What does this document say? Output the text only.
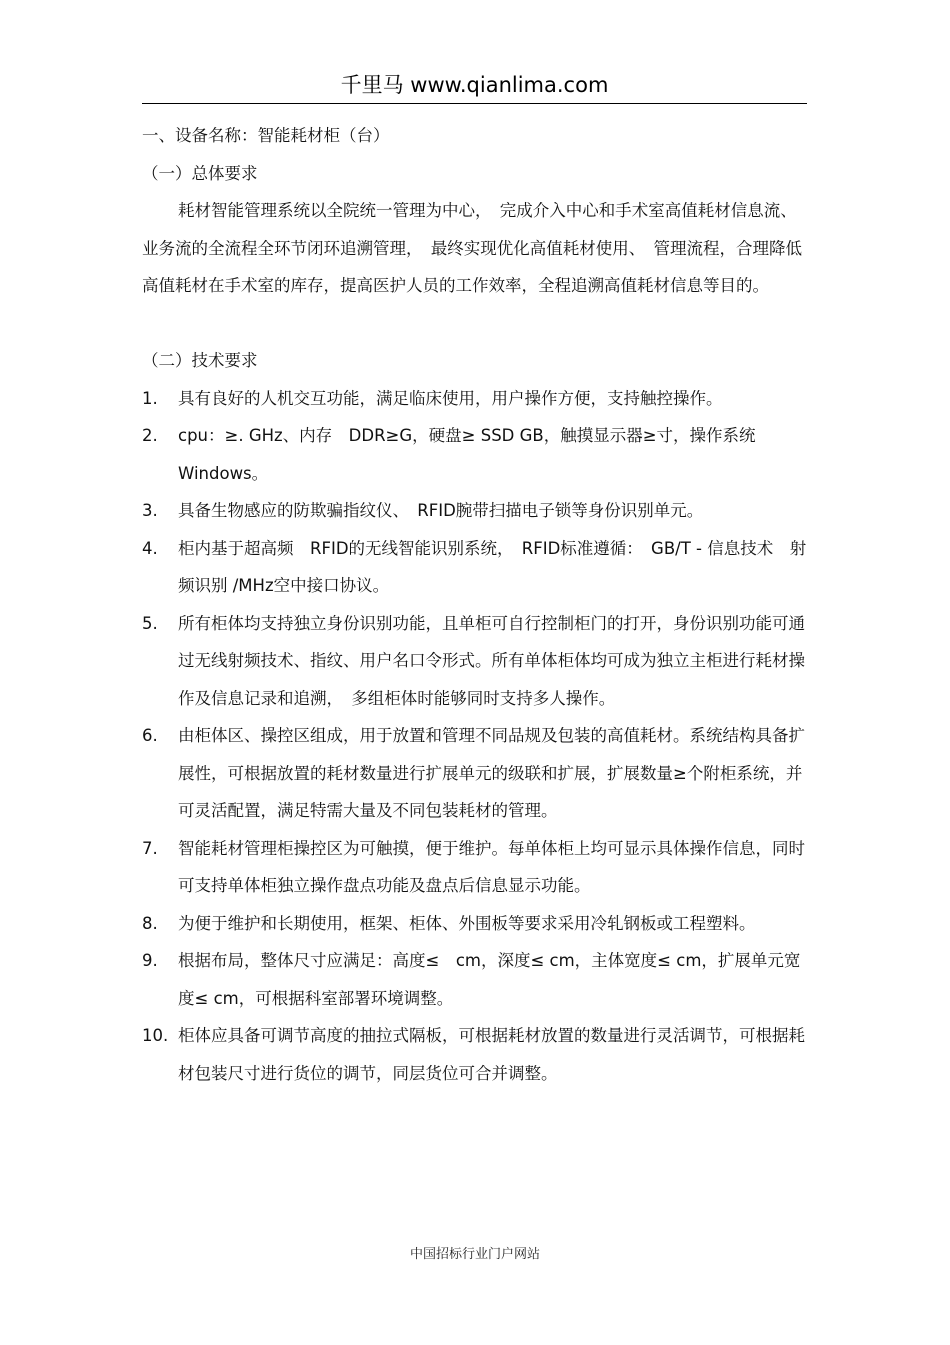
千里马 www.qianlima.com

一、设备名称：智能耗材柜（台）

（一）总体要求

耗材智能管理系统以全院统一管理为中心，　完成介入中心和手术室高值耗材信息流、业务流的全流程全环节闭环追溯管理，　最终实现优化高值耗材使用、　管理流程，合理降低高值耗材在手术室的库存，提高医护人员的工作效率，全程追溯高值耗材信息等目的。

（二）技术要求

1.	具有良好的人机交互功能，满足临床使用，用户操作方便，支持触控操作。
2.	cpu：≥. GHz、内存　DDR≥G，硬盘≥ SSD GB，触摸显示器≥寸，操作系统Windows。
3.	具备生物感应的防欺骗指纹仪、　RFID腕带扫描电子锁等身份识别单元。
4.	柜内基于超高频　RFID的无线智能识别系统，　RFID标准遵循：　GB/T - 信息技术　射频识别 /MHz空中接口协议。
5.	所有柜体均支持独立身份识别功能，且单柜可自行控制柜门的打开，身份识别功能可通过无线射频技术、指纹、用户名口令形式。所有单体柜体均可成为独立主柜进行耗材操作及信息记录和追溯，　多组柜体时能够同时支持多人操作。
6.	由柜体区、操控区组成，用于放置和管理不同品规及包装的高值耗材。系统结构具备扩展性，可根据放置的耗材数量进行扩展单元的级联和扩展，扩展数量≥个附柜系统，并可灵活配置，满足特需大量及不同包装耗材的管理。
7.	智能耗材管理柜操控区为可触摸，便于维护。每单体柜上均可显示具体操作信息，同时可支持单体柜独立操作盘点功能及盘点后信息显示功能。
8.	为便于维护和长期使用，框架、柜体、外围板等要求采用冷轧钢板或工程塑料。
9.	根据布局，整体尺寸应满足：高度≤　cm，深度≤ cm，主体宽度≤ cm，扩展单元宽度≤ cm，可根据科室部署环境调整。
10. 柜体应具备可调节高度的抽拉式隔板，可根据耗材放置的数量进行灵活调节，可根据耗材包装尺寸进行货位的调节，同层货位可合并调整。
中国招标行业门户网站
